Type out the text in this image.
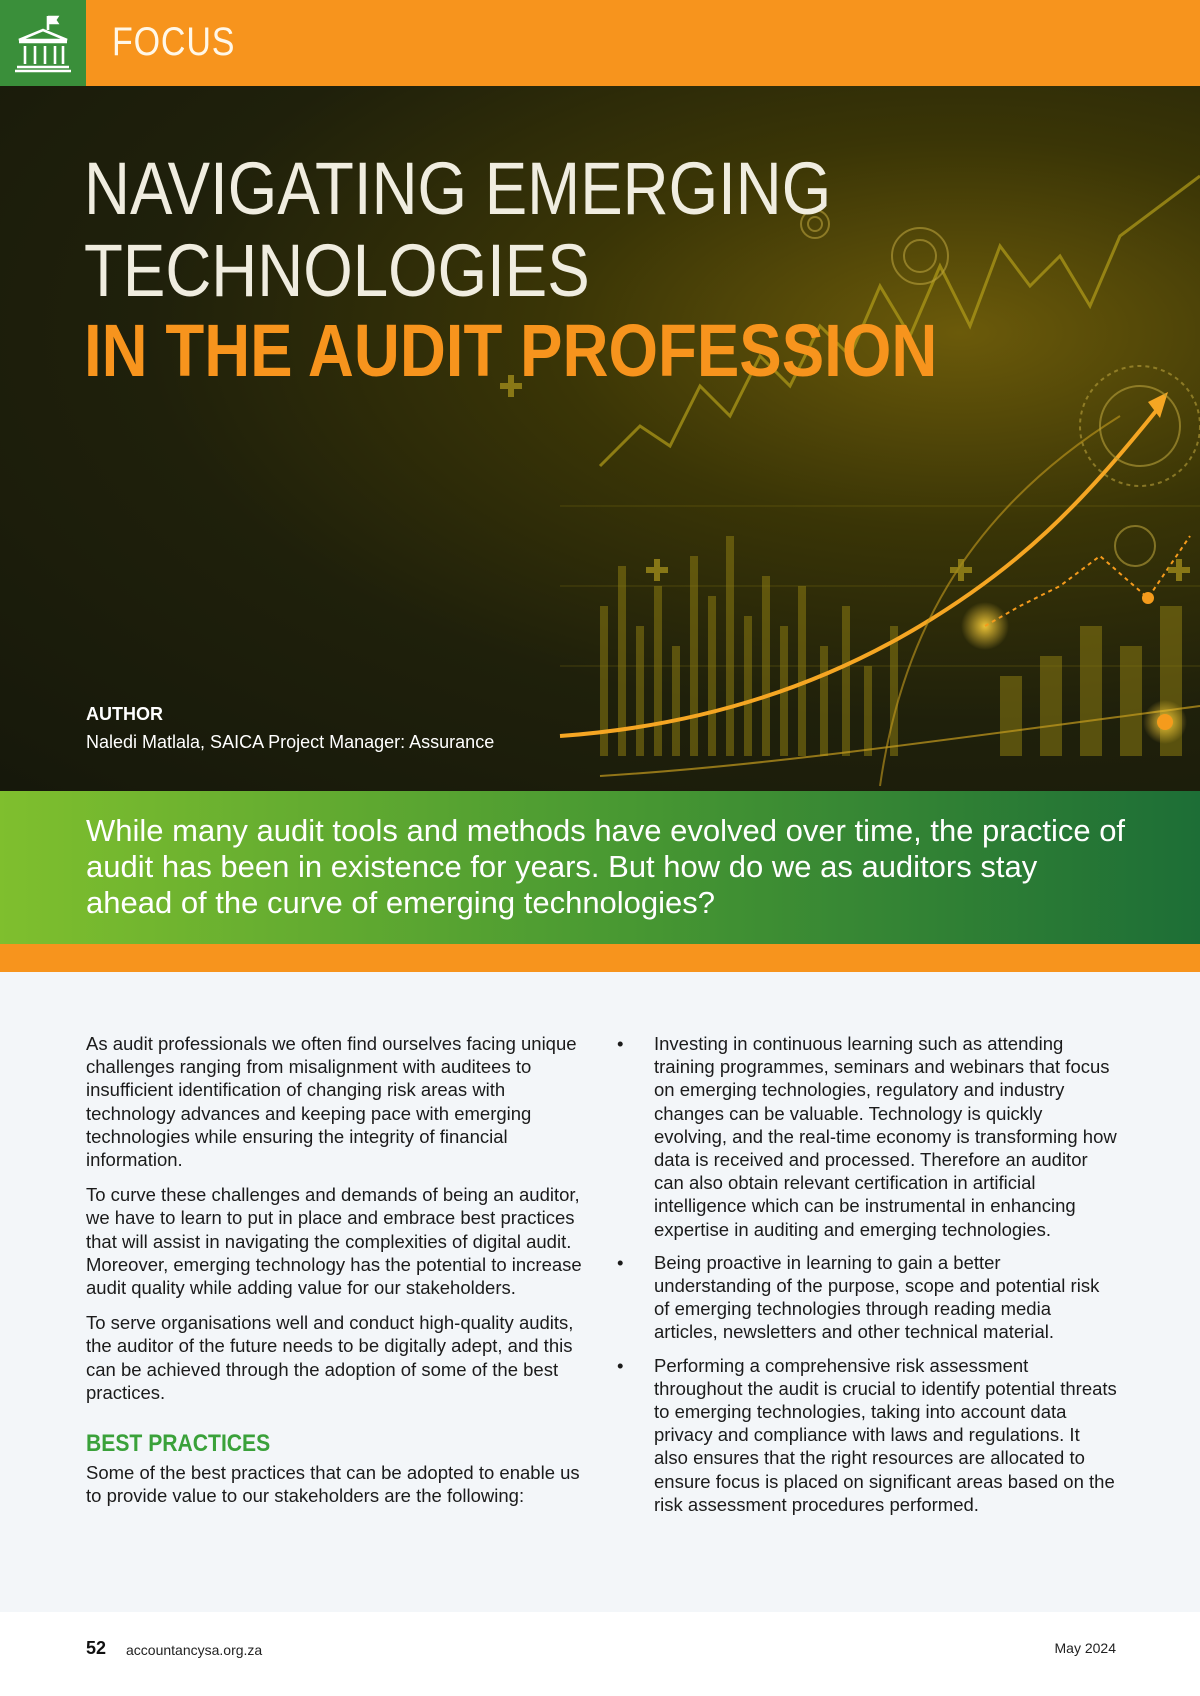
FOCUS
NAVIGATING EMERGING
TECHNOLOGIES
IN THE AUDIT PROFESSION
AUTHOR
Naledi Matlala, SAICA Project Manager: Assurance

While many audit tools and methods have evolved over time, the practice of audit has been in existence for years. But how do we as auditors stay ahead of the curve of emerging technologies?

As audit professionals we often find ourselves facing unique challenges ranging from misalignment with auditees to insufficient identification of changing risk areas with technology advances and keeping pace with emerging technologies while ensuring the integrity of financial information.

To curve these challenges and demands of being an auditor, we have to learn to put in place and embrace best practices that will assist in navigating the complexities of digital audit. Moreover, emerging technology has the potential to increase audit quality while adding value for our stakeholders.

To serve organisations well and conduct high-quality audits, the auditor of the future needs to be digitally adept, and this can be achieved through the adoption of some of the best practices.

BEST PRACTICES

Some of the best practices that can be adopted to enable us to provide value to our stakeholders are the following:

• Investing in continuous learning such as attending training programmes, seminars and webinars that focus on emerging technologies, regulatory and industry changes can be valuable. Technology is quickly evolving, and the real-time economy is transforming how data is received and processed. Therefore an auditor can also obtain relevant certification in artificial intelligence which can be instrumental in enhancing expertise in auditing and emerging technologies.
• Being proactive in learning to gain a better understanding of the purpose, scope and potential risk of emerging technologies through reading media articles, newsletters and other technical material.
• Performing a comprehensive risk assessment throughout the audit is crucial to identify potential threats to emerging technologies, taking into account data privacy and compliance with laws and regulations. It also ensures that the right resources are allocated to ensure focus is placed on significant areas based on the risk assessment procedures performed.
52 accountancysa.org.za	May 2024
